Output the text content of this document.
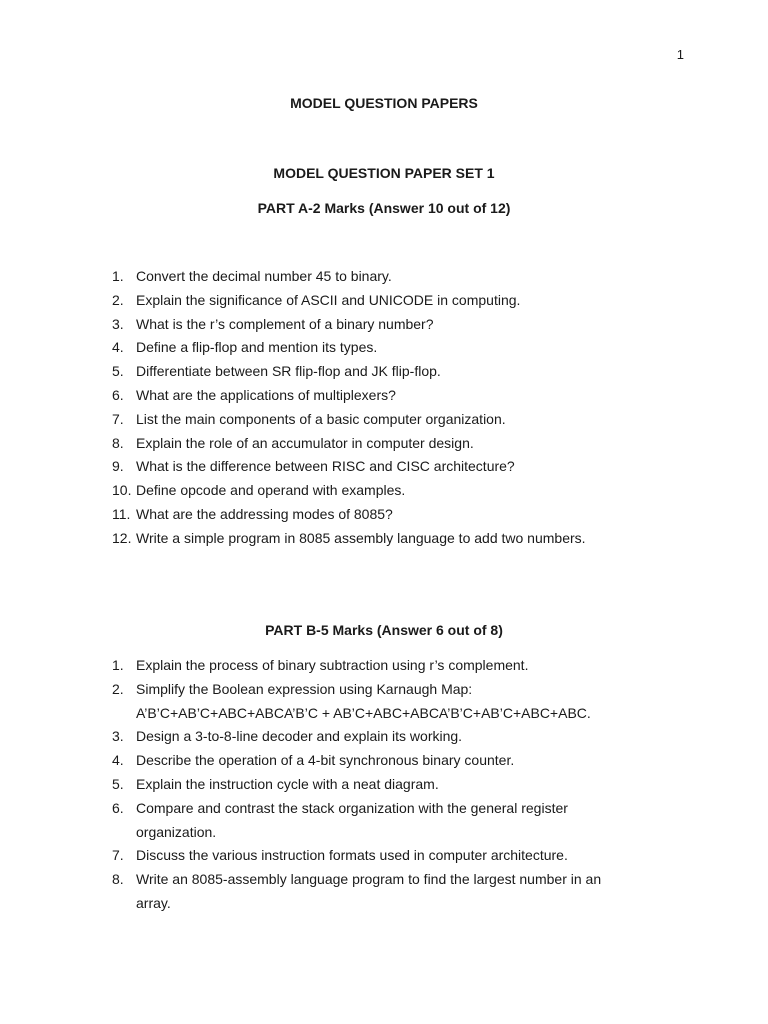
1
MODEL QUESTION PAPERS
MODEL QUESTION PAPER SET 1
PART A-2 Marks (Answer 10 out of 12)
1. Convert the decimal number 45 to binary.
2. Explain the significance of ASCII and UNICODE in computing.
3. What is the r’s complement of a binary number?
4. Define a flip-flop and mention its types.
5. Differentiate between SR flip-flop and JK flip-flop.
6. What are the applications of multiplexers?
7. List the main components of a basic computer organization.
8. Explain the role of an accumulator in computer design.
9. What is the difference between RISC and CISC architecture?
10. Define opcode and operand with examples.
11. What are the addressing modes of 8085?
12. Write a simple program in 8085 assembly language to add two numbers.
PART B-5 Marks (Answer 6 out of 8)
1. Explain the process of binary subtraction using r’s complement.
2. Simplify the Boolean expression using Karnaugh Map:
A’B’C+AB’C+ABC+ABCA’B’C + AB’C+ABC+ABCA’B’C+AB’C+ABC+ABC.
3. Design a 3-to-8-line decoder and explain its working.
4. Describe the operation of a 4-bit synchronous binary counter.
5. Explain the instruction cycle with a neat diagram.
6. Compare and contrast the stack organization with the general register
organization.
7. Discuss the various instruction formats used in computer architecture.
8. Write an 8085-assembly language program to find the largest number in an
array.
